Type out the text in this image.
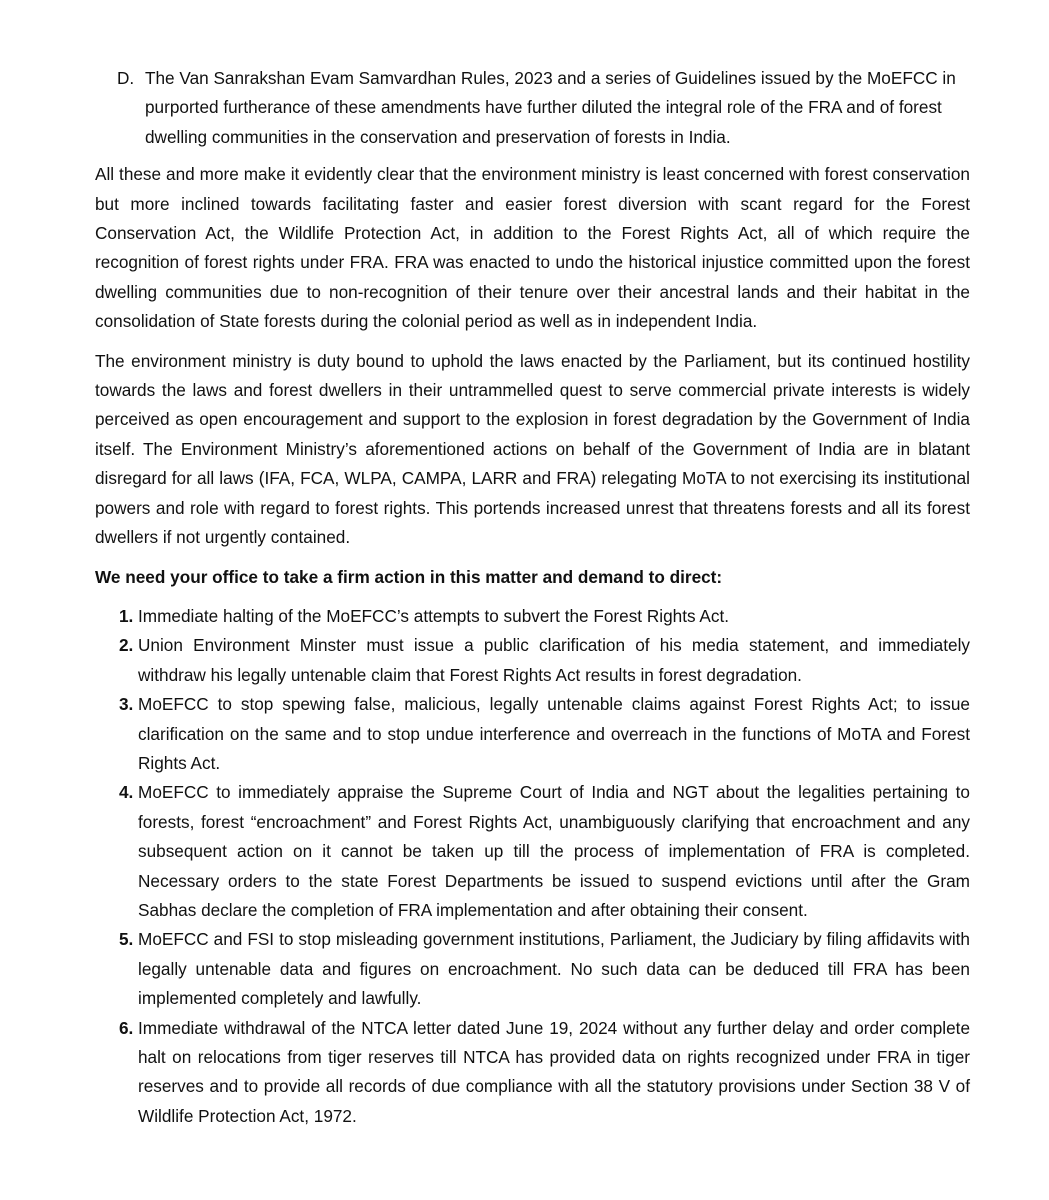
D. The Van Sanrakshan Evam Samvardhan Rules, 2023 and a series of Guidelines issued by the MoEFCC in purported furtherance of these amendments have further diluted the integral role of the FRA and of forest dwelling communities in the conservation and preservation of forests in India.

All these and more make it evidently clear that the environment ministry is least concerned with forest conservation but more inclined towards facilitating faster and easier forest diversion with scant regard for the Forest Conservation Act, the Wildlife Protection Act, in addition to the Forest Rights Act, all of which require the recognition of forest rights under FRA. FRA was enacted to undo the historical injustice committed upon the forest dwelling communities due to non-recognition of their tenure over their ancestral lands and their habitat in the consolidation of State forests during the colonial period as well as in independent India.

The environment ministry is duty bound to uphold the laws enacted by the Parliament, but its continued hostility towards the laws and forest dwellers in their untrammelled quest to serve commercial private interests is widely perceived as open encouragement and support to the explosion in forest degradation by the Government of India itself. The Environment Ministry’s aforementioned actions on behalf of the Government of India are in blatant disregard for all laws (IFA, FCA, WLPA, CAMPA, LARR and FRA) relegating MoTA to not exercising its institutional powers and role with regard to forest rights. This portends increased unrest that threatens forests and all its forest dwellers if not urgently contained.

We need your office to take a firm action in this matter and demand to direct:
1. Immediate halting of the MoEFCC’s attempts to subvert the Forest Rights Act.
2. Union Environment Minster must issue a public clarification of his media statement, and immediately withdraw his legally untenable claim that Forest Rights Act results in forest degradation.
3. MoEFCC to stop spewing false, malicious, legally untenable claims against Forest Rights Act; to issue clarification on the same and to stop undue interference and overreach in the functions of MoTA and Forest Rights Act.
4. MoEFCC to immediately appraise the Supreme Court of India and NGT about the legalities pertaining to forests, forest “encroachment” and Forest Rights Act, unambiguously clarifying that encroachment and any subsequent action on it cannot be taken up till the process of implementation of FRA is completed. Necessary orders to the state Forest Departments be issued to suspend evictions until after the Gram Sabhas declare the completion of FRA implementation and after obtaining their consent.
5. MoEFCC and FSI to stop misleading government institutions, Parliament, the Judiciary by filing affidavits with legally untenable data and figures on encroachment. No such data can be deduced till FRA has been implemented completely and lawfully.
6. Immediate withdrawal of the NTCA letter dated June 19, 2024 without any further delay and order complete halt on relocations from tiger reserves till NTCA has provided data on rights recognized under FRA in tiger reserves and to provide all records of due compliance with all the statutory provisions under Section 38 V of Wildlife Protection Act, 1972.
